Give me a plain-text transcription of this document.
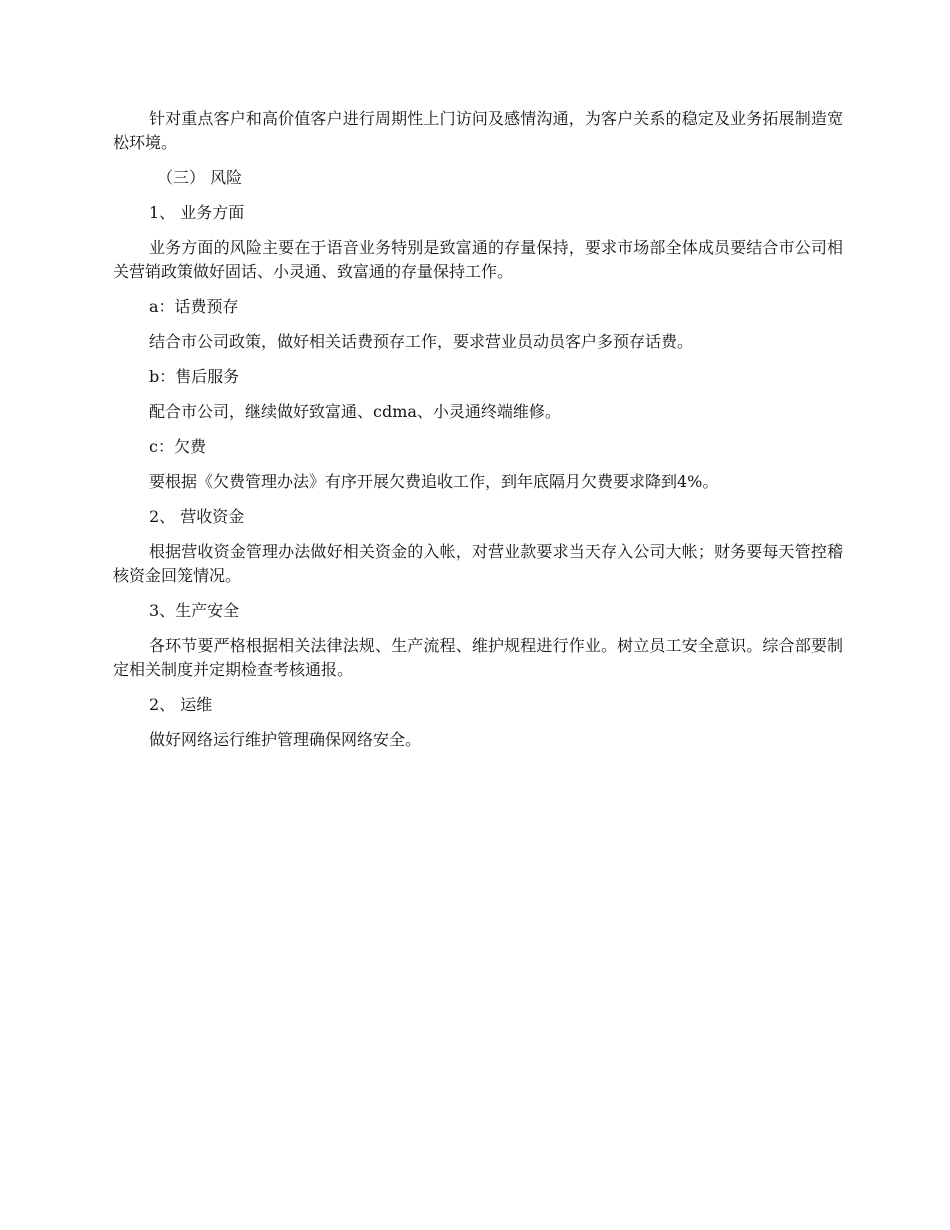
针对重点客户和高价值客户进行周期性上门访问及感情沟通，为客户关系的稳定及业务拓展制造宽松环境。

（三） 风险

1、 业务方面

业务方面的风险主要在于语音业务特别是致富通的存量保持，要求市场部全体成员要结合市公司相关营销政策做好固话、小灵通、致富通的存量保持工作。

a：话费预存

结合市公司政策，做好相关话费预存工作，要求营业员动员客户多预存话费。

b：售后服务

配合市公司，继续做好致富通、cdma、小灵通终端维修。

c：欠费

要根据《欠费管理办法》有序开展欠费追收工作，到年底隔月欠费要求降到4%。

2、 营收资金

根据营收资金管理办法做好相关资金的入帐，对营业款要求当天存入公司大帐；财务要每天管控稽核资金回笼情况。

3、生产安全

各环节要严格根据相关法律法规、生产流程、维护规程进行作业。树立员工安全意识。综合部要制定相关制度并定期检查考核通报。

2、 运维

做好网络运行维护管理确保网络安全。
